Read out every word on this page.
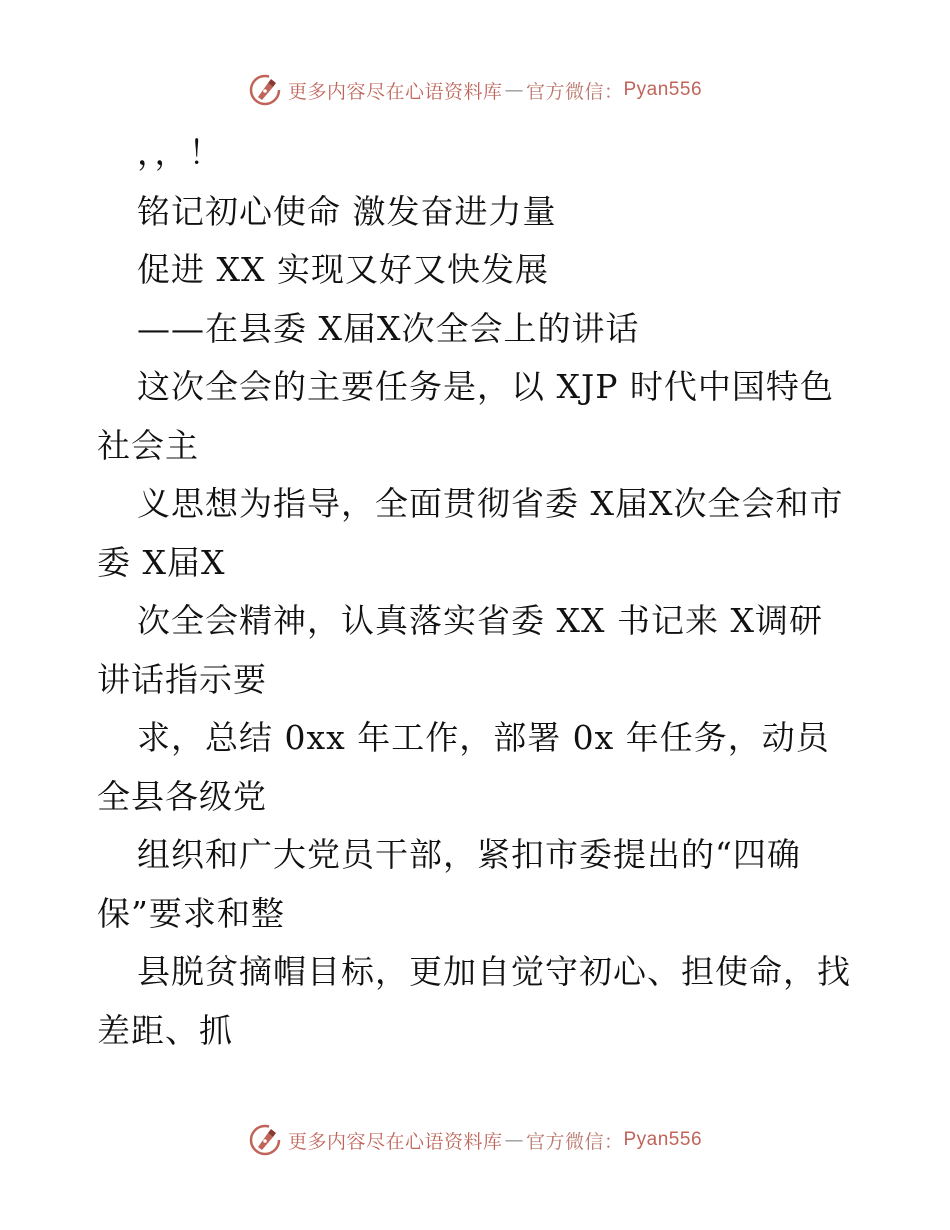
更多内容尽在心语资料库 — 官方微信： Pyan556
，，！
铭记初心使命 激发奋进力量
促进 XX 实现又好又快发展
——在县委 X届X次全会上的讲话
这次全会的主要任务是，以 XJP 时代中国特色
社会主
义思想为指导，全面贯彻省委 X届X次全会和市
委 X届X
次全会精神，认真落实省委 XX 书记来 X调研
讲话指示要
求，总结 0xx 年工作，部署 0x 年任务，动员
全县各级党
组织和广大党员干部，紧扣市委提出的“四确
保”要求和整
县脱贫摘帽目标，更加自觉守初心、担使命，找
差距、抓
更多内容尽在心语资料库 — 官方微信： Pyan556
